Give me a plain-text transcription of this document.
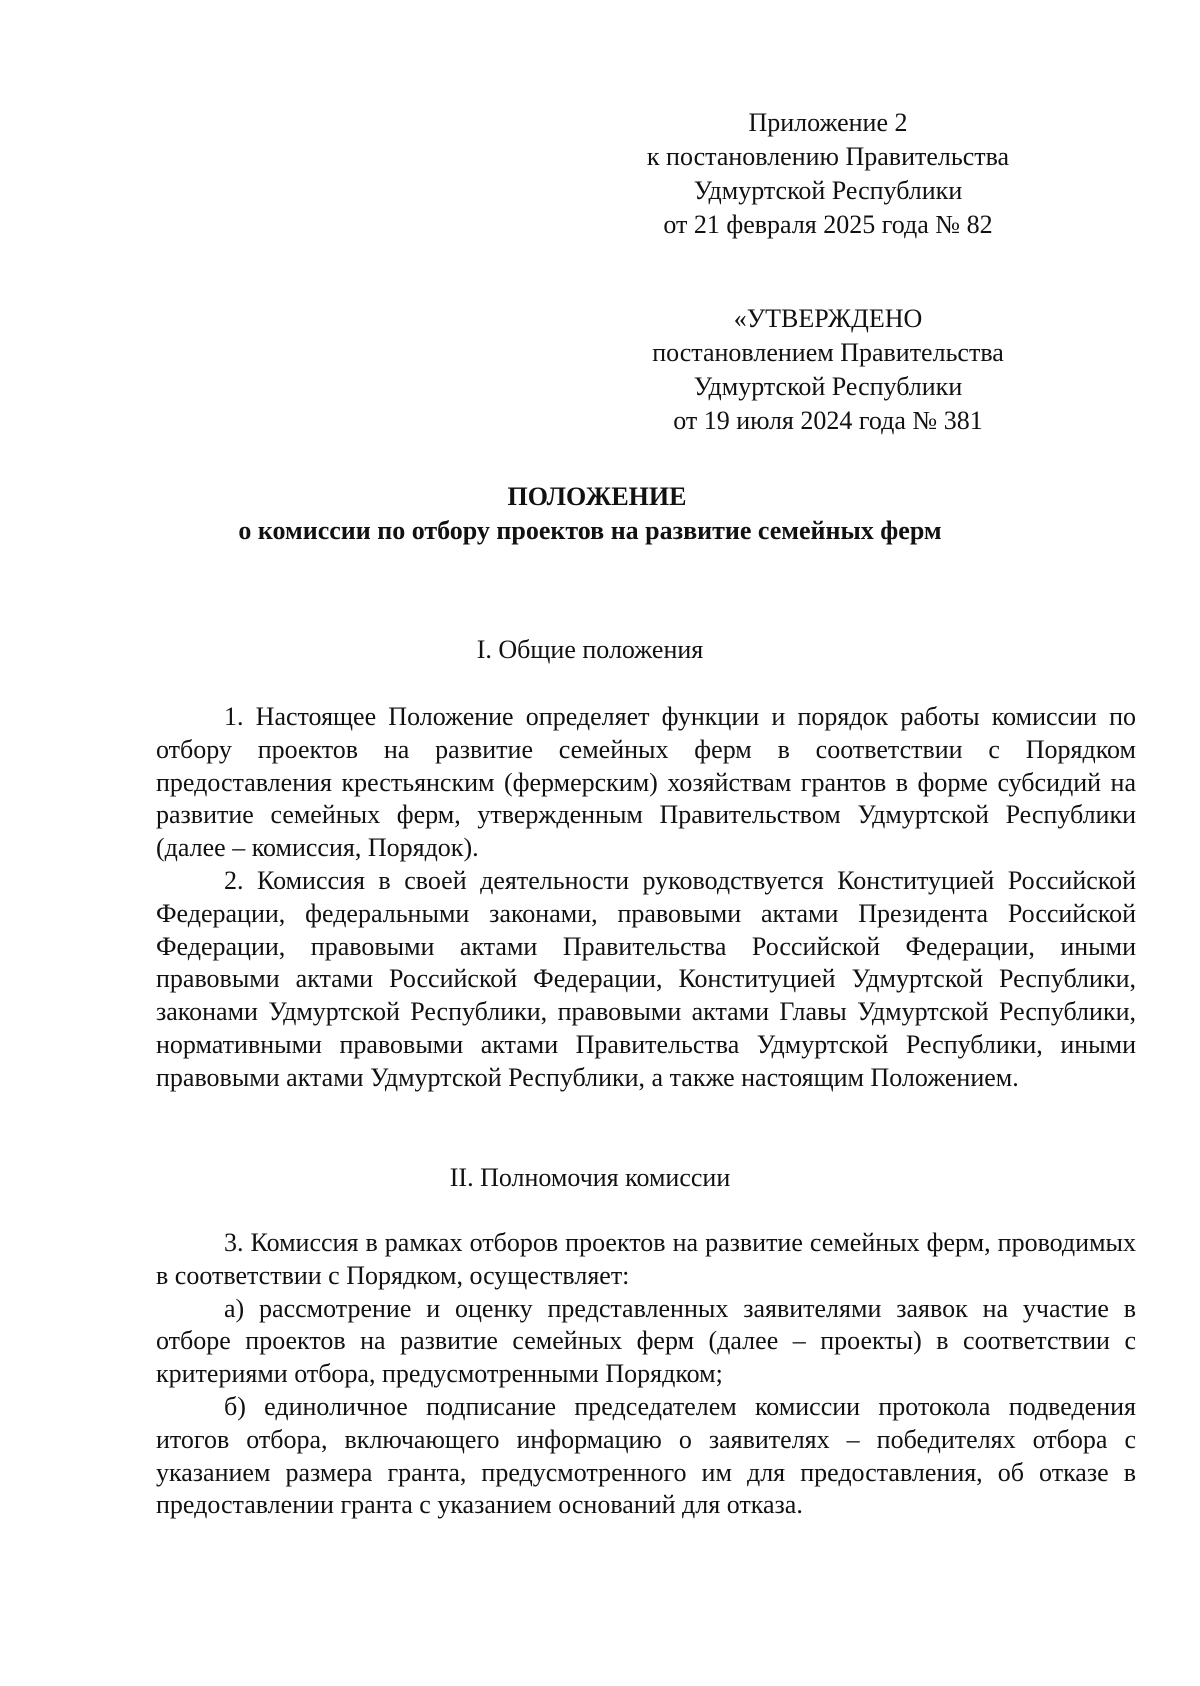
Приложение 2
к постановлению Правительства
Удмуртской Республики
от 21 февраля 2025 года № 82
«УТВЕРЖДЕНО
постановлением Правительства
Удмуртской Республики
от 19 июля 2024 года № 381
ПОЛОЖЕНИЕ
о комиссии по отбору проектов на развитие семейных ферм
I. Общие положения

1. Настоящее Положение определяет функции и порядок работы комиссии по отбору проектов на развитие семейных ферм в соответствии с Порядком предоставления крестьянским (фермерским) хозяйствам грантов в форме субсидий на развитие семейных ферм, утвержденным Правительством Удмуртской Республики (далее – комиссия, Порядок).

2. Комиссия в своей деятельности руководствуется Конституцией Российской Федерации, федеральными законами, правовыми актами Президента Российской Федерации, правовыми актами Правительства Российской Федерации, иными правовыми актами Российской Федерации, Конституцией Удмуртской Республики, законами Удмуртской Республики, правовыми актами Главы Удмуртской Республики, нормативными правовыми актами Правительства Удмуртской Республики, иными правовыми актами Удмуртской Республики, а также настоящим Положением.

II. Полномочия комиссии

3. Комиссия в рамках отборов проектов на развитие семейных ферм, проводимых в соответствии с Порядком, осуществляет:

а) рассмотрение и оценку представленных заявителями заявок на участие в отборе проектов на развитие семейных ферм (далее – проекты) в соответствии с критериями отбора, предусмотренными Порядком;

б) единоличное подписание председателем комиссии протокола подведения итогов отбора, включающего информацию о заявителях – победителях отбора с указанием размера гранта, предусмотренного им для предоставления, об отказе в предоставлении гранта с указанием оснований для отказа.
